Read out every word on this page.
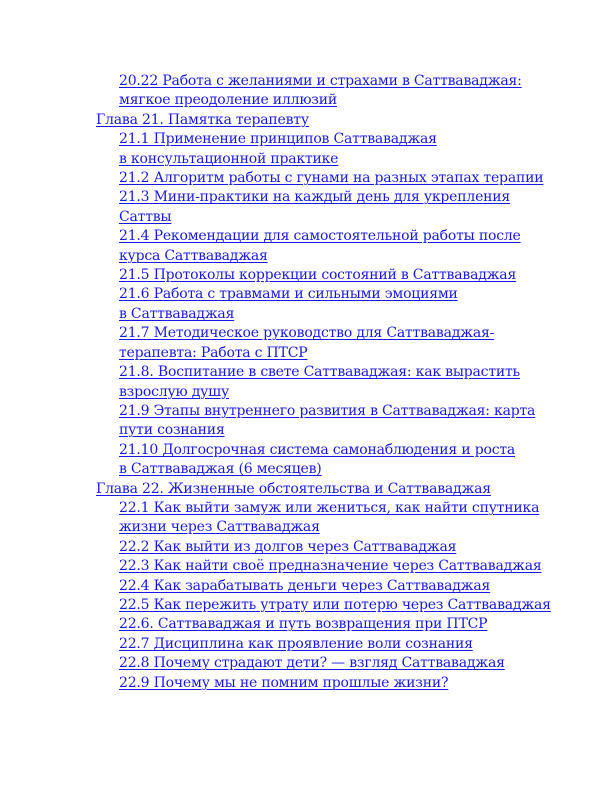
20.22 Работа с желаниями и страхами в Саттваваджая:
мягкое преодоление иллюзий
Глава 21. Памятка терапевту
21.1 Применение принципов Саттваваджая
в консультационной практике
21.2 Алгоритм работы с гунами на разных этапах терапии
21.3 Мини-практики на каждый день для укрепления
Саттвы
21.4 Рекомендации для самостоятельной работы после
курса Саттваваджая
21.5 Протоколы коррекции состояний в Саттваваджая
21.6 Работа с травмами и сильными эмоциями
в Саттваваджая
21.7 Методическое руководство для Саттваваджая-
терапевта: Работа с ПТСР
21.8. Воспитание в свете Саттваваджая: как вырастить
взрослую душу
21.9 Этапы внутреннего развития в Саттваваджая: карта
пути сознания
21.10 Долгосрочная система самонаблюдения и роста
в Саттваваджая (6 месяцев)
Глава 22. Жизненные обстоятельства и Саттваваджая
22.1 Как выйти замуж или жениться, как найти спутника
жизни через Саттваваджая
22.2 Как выйти из долгов через Саттваваджая
22.3 Как найти своё предназначение через Саттваваджая
22.4 Как зарабатывать деньги через Саттваваджая
22.5 Как пережить утрату или потерю через Саттваваджая
22.6. Саттваваджая и путь возвращения при ПТСР
22.7 Дисциплина как проявление воли сознания
22.8 Почему страдают дети? — взгляд Саттваваджая
22.9 Почему мы не помним прошлые жизни?
